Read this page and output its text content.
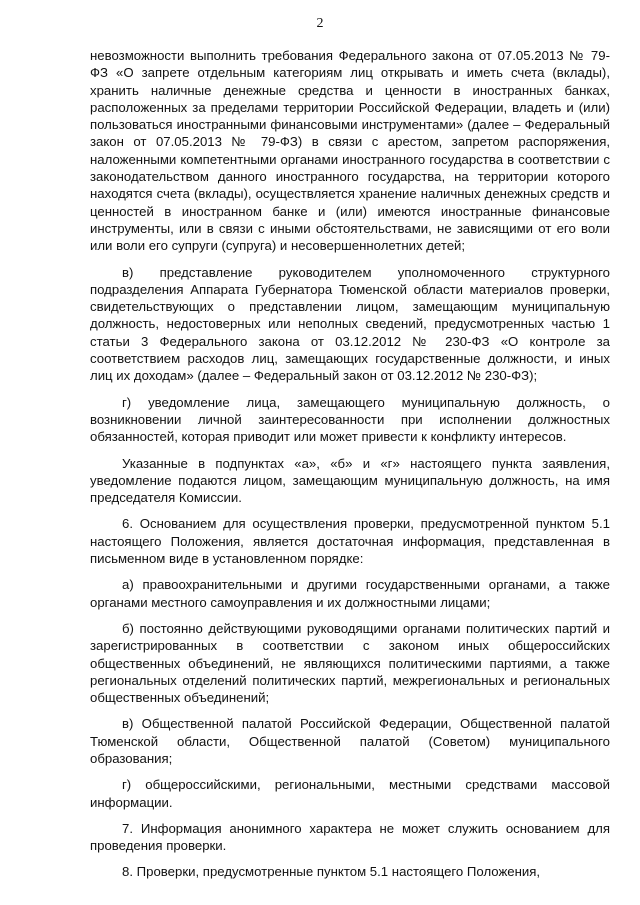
2

невозможности выполнить требования Федерального закона от 07.05.2013 № 79-ФЗ «О запрете отдельным категориям лиц открывать и иметь счета (вклады), хранить наличные денежные средства и ценности в иностранных банках, расположенных за пределами территории Российской Федерации, владеть и (или) пользоваться иностранными финансовыми инструментами» (далее – Федеральный закон от 07.05.2013 № 79-ФЗ) в связи с арестом, запретом распоряжения, наложенными компетентными органами иностранного государства в соответствии с законодательством данного иностранного государства, на территории которого находятся счета (вклады), осуществляется хранение наличных денежных средств и ценностей в иностранном банке и (или) имеются иностранные финансовые инструменты, или в связи с иными обстоятельствами, не зависящими от его воли или воли его супруги (супруга) и несовершеннолетних детей;

в) представление руководителем уполномоченного структурного подразделения Аппарата Губернатора Тюменской области материалов проверки, свидетельствующих о представлении лицом, замещающим муниципальную должность, недостоверных или неполных сведений, предусмотренных частью 1 статьи 3 Федерального закона от 03.12.2012 № 230-ФЗ «О контроле за соответствием расходов лиц, замещающих государственные должности, и иных лиц их доходам» (далее – Федеральный закон от 03.12.2012 № 230-ФЗ);

г) уведомление лица, замещающего муниципальную должность, о возникновении личной заинтересованности при исполнении должностных обязанностей, которая приводит или может привести к конфликту интересов.

Указанные в подпунктах «а», «б» и «г» настоящего пункта заявления, уведомление подаются лицом, замещающим муниципальную должность, на имя председателя Комиссии.

6. Основанием для осуществления проверки, предусмотренной пунктом 5.1 настоящего Положения, является достаточная информация, представленная в письменном виде в установленном порядке:

а) правоохранительными и другими государственными органами, а также органами местного самоуправления и их должностными лицами;

б) постоянно действующими руководящими органами политических партий и зарегистрированных в соответствии с законом иных общероссийских общественных объединений, не являющихся политическими партиями, а также региональных отделений политических партий, межрегиональных и региональных общественных объединений;

в) Общественной палатой Российской Федерации, Общественной палатой Тюменской области, Общественной палатой (Советом) муниципального образования;

г) общероссийскими, региональными, местными средствами массовой информации.

7. Информация анонимного характера не может служить основанием для проведения проверки.

8. Проверки, предусмотренные пунктом 5.1 настоящего Положения,
